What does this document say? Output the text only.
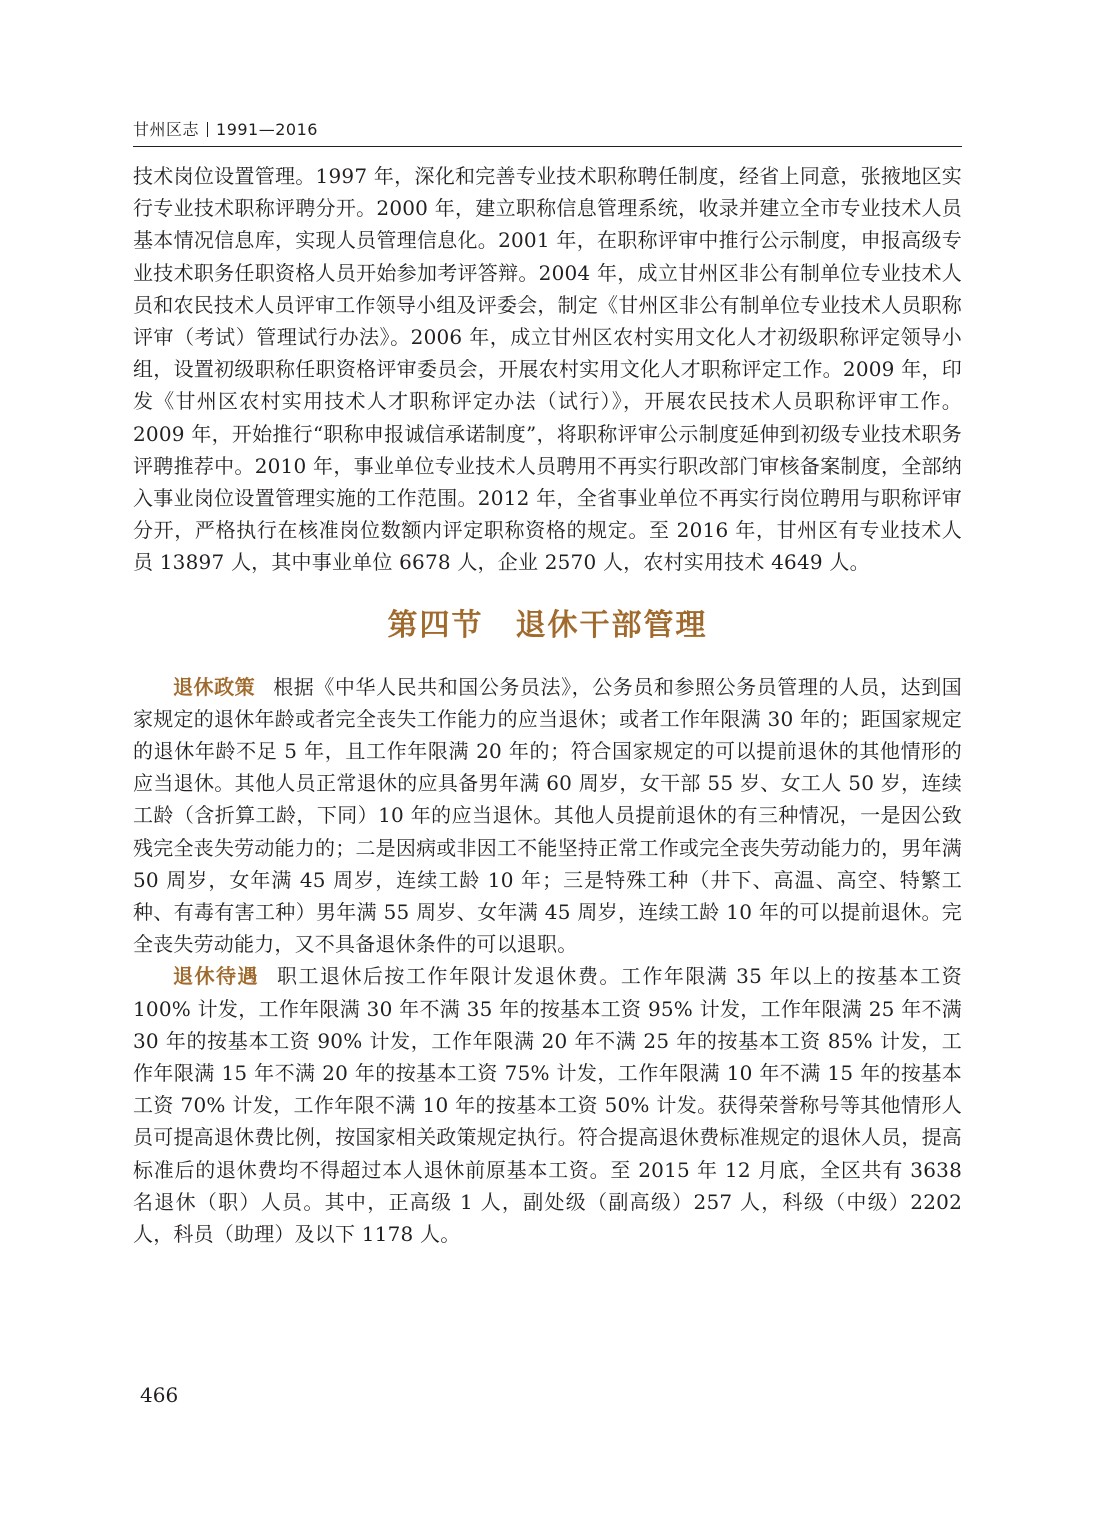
甘州区志 1991—2016

技术岗位设置管理。1997 年，深化和完善专业技术职称聘任制度，经省上同意，张掖地区实行专业技术职称评聘分开。2000 年，建立职称信息管理系统，收录并建立全市专业技术人员基本情况信息库，实现人员管理信息化。2001 年，在职称评审中推行公示制度，申报高级专业技术职务任职资格人员开始参加考评答辩。2004 年，成立甘州区非公有制单位专业技术人员和农民技术人员评审工作领导小组及评委会，制定《甘州区非公有制单位专业技术人员职称评审（考试）管理试行办法》。2006 年，成立甘州区农村实用文化人才初级职称评定领导小组，设置初级职称任职资格评审委员会，开展农村实用文化人才职称评定工作。2009 年，印发《甘州区农村实用技术人才职称评定办法（试行）》，开展农民技术人员职称评审工作。2009 年，开始推行“职称申报诚信承诺制度”，将职称评审公示制度延伸到初级专业技术职务评聘推荐中。2010 年，事业单位专业技术人员聘用不再实行职改部门审核备案制度，全部纳入事业岗位设置管理实施的工作范围。2012 年，全省事业单位不再实行岗位聘用与职称评审分开，严格执行在核准岗位数额内评定职称资格的规定。至 2016 年，甘州区有专业技术人员 13897 人，其中事业单位 6678 人，企业 2570 人，农村实用技术 4649 人。

第四节　退休干部管理

退休政策 根据《中华人民共和国公务员法》，公务员和参照公务员管理的人员，达到国家规定的退休年龄或者完全丧失工作能力的应当退休；或者工作年限满 30 年的；距国家规定的退休年龄不足 5 年，且工作年限满 20 年的；符合国家规定的可以提前退休的其他情形的应当退休。其他人员正常退休的应具备男年满 60 周岁，女干部 55 岁、女工人 50 岁，连续工龄（含折算工龄，下同）10 年的应当退休。其他人员提前退休的有三种情况，一是因公致残完全丧失劳动能力的；二是因病或非因工不能坚持正常工作或完全丧失劳动能力的，男年满 50 周岁，女年满 45 周岁，连续工龄 10 年；三是特殊工种（井下、高温、高空、特繁工种、有毒有害工种）男年满 55 周岁、女年满 45 周岁，连续工龄 10 年的可以提前退休。完全丧失劳动能力，又不具备退休条件的可以退职。

退休待遇 职工退休后按工作年限计发退休费。工作年限满 35 年以上的按基本工资 100% 计发，工作年限满 30 年不满 35 年的按基本工资 95% 计发，工作年限满 25 年不满 30 年的按基本工资 90% 计发，工作年限满 20 年不满 25 年的按基本工资 85% 计发，工作年限满 15 年不满 20 年的按基本工资 75% 计发，工作年限满 10 年不满 15 年的按基本工资 70% 计发，工作年限不满 10 年的按基本工资 50% 计发。获得荣誉称号等其他情形人员可提高退休费比例，按国家相关政策规定执行。符合提高退休费标准规定的退休人员，提高标准后的退休费均不得超过本人退休前原基本工资。至 2015 年 12 月底，全区共有 3638 名退休（职）人员。其中，正高级 1 人，副处级（副高级）257 人，科级（中级）2202 人，科员（助理）及以下 1178 人。

466
